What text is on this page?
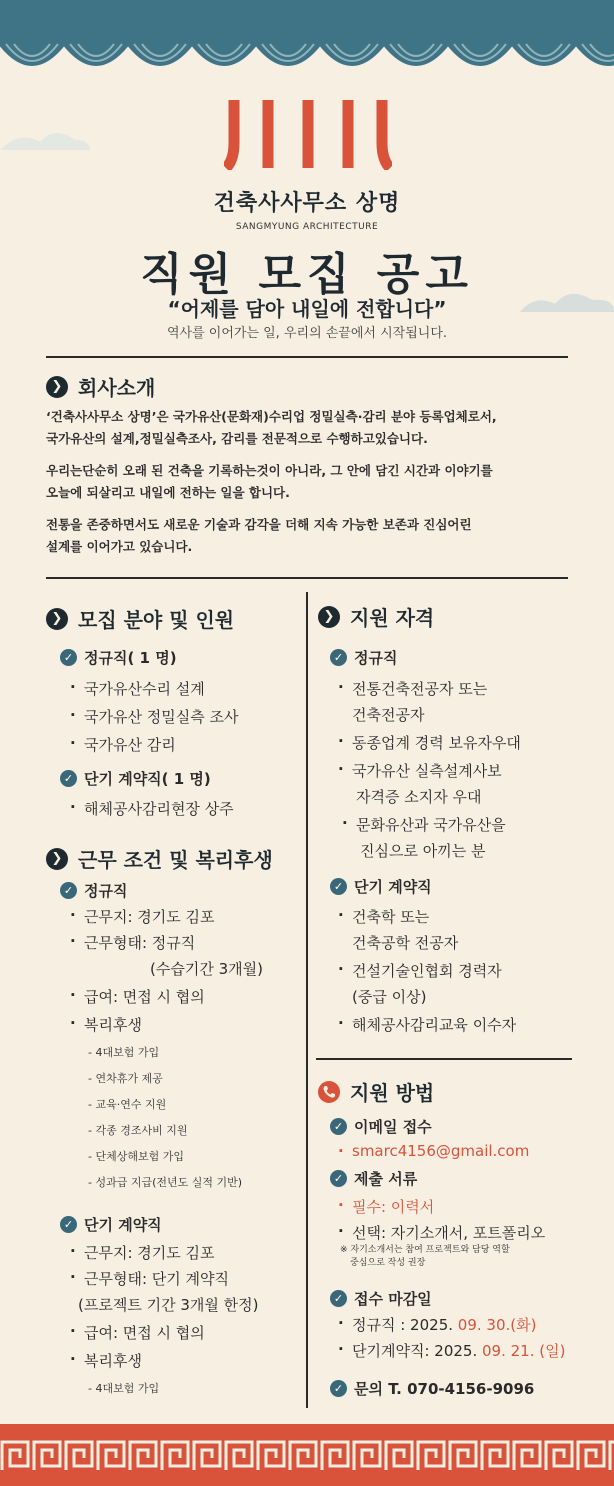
건축사사무소 상명
SANGMYUNG ARCHITECTURE
직원 모집 공고
“어제를 담아 내일에 전합니다”
역사를 이어가는 일, 우리의 손끝에서 시작됩니다.
❯ 회사소개
‘건축사사무소 상명’은 국가유산(문화재)수리업 정밀실측·감리 분야 등록업체로서,
국가유산의 설계,정밀실측조사, 감리를 전문적으로 수행하고있습니다.
우리는단순히 오래 된 건축을 기록하는것이 아니라, 그 안에 담긴 시간과 이야기를
오늘에 되살리고 내일에 전하는 일을 합니다.
전통을 존중하면서도 새로운 기술과 감각을 더해 지속 가능한 보존과 진심어린
설계를 이어가고 있습니다.
❯ 모집 분야 및 인원
✓ 정규직( 1 명)
· 국가유산수리 설계
· 국가유산 정밀실측 조사
· 국가유산 감리
✓ 단기 계약직( 1 명)
· 해체공사감리현장 상주
❯ 근무 조건 및 복리후생
✓ 정규직
· 근무지: 경기도 김포
· 근무형태: 정규직
(수습기간 3개월)
· 급여: 면접 시 협의
· 복리후생
- 4대보험 가입
- 연차휴가 제공
- 교육·연수 지원
- 각종 경조사비 지원
- 단체상해보험 가입
- 성과급 지급(전년도 실적 기반)
✓ 단기 계약직
· 근무지: 경기도 김포
· 근무형태: 단기 계약직
(프로젝트 기간 3개월 한정)
· 급여: 면접 시 협의
· 복리후생
- 4대보험 가입
❯ 지원 자격
✓ 정규직
· 전통건축전공자 또는
건축전공자
· 동종업계 경력 보유자우대
· 국가유산 실측설계사보
자격증 소지자 우대
· 문화유산과 국가유산을
진심으로 아끼는 분
✓ 단기 계약직
· 건축학 또는
건축공학 전공자
· 건설기술인협회 경력자
(중급 이상)
· 해체공사감리교육 이수자
지원 방법
✓ 이메일 접수
· smarc4156@gmail.com
✓ 제출 서류
· 필수: 이력서
· 선택: 자기소개서, 포트폴리오
※ 자기소개서는 참여 프로젝트와 담당 역할
중심으로 작성 권장
✓ 접수 마감일
· 정규직 : 2025. 09. 30.(화)
· 단기계약직: 2025. 09. 21. (일)
✓ 문의 T. 070-4156-9096
